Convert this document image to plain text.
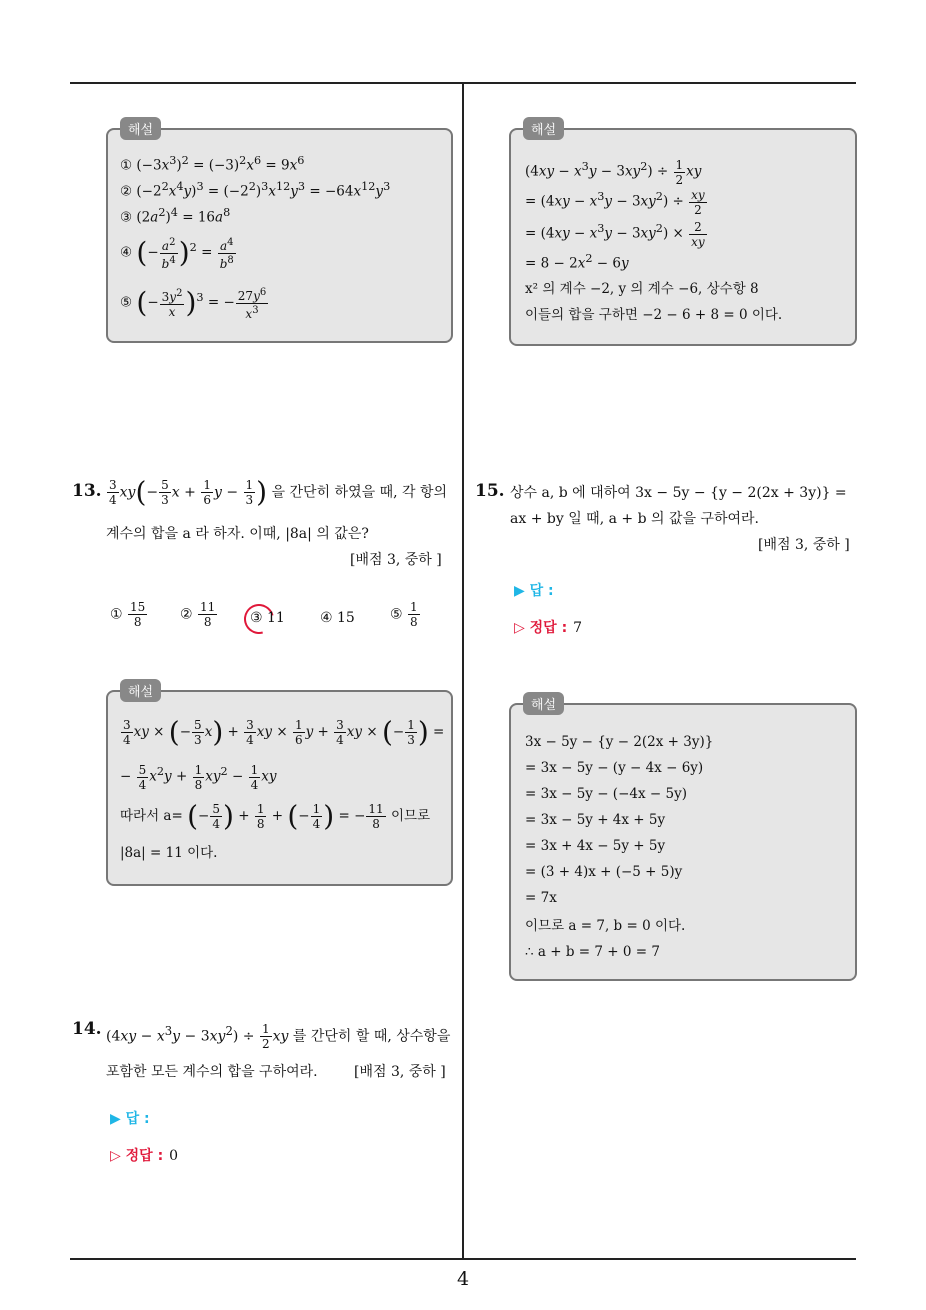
4
해설
① $(-3x^3)^2 = (-3)^2x^6 = 9x^6$
② $(-2^2x^4y)^3 = (-2^2)^3x^{12}y^3 = -64x^{12}y^3$
③ $(2a^2)^4 = 16a^8$
④ (− $\frac{a^2}{b^4} )^2 = \frac{a^4}{b^8}$
⑤ (− $\frac{3y^2}{x} )^3$ = − $\frac{27y^6}{x^3}$
해설
$(4xy - x^3y - 3xy^2) \div \frac{1}{2}$ xy
= $(4xy - x^3y - 3xy^2) \div \frac{xy}{2}$
= $(4xy - x^3y - 3xy^2) \times \frac{2}{xy}$
= $8 - 2x^2 - 6y$
x² 의 계수 −2, y 의 계수 −6, 상수항 8
이들의 합을 구하면 −2 − 6 + 8 = 0 이다.
13. $\frac{3}{4} xy(- \frac{5}{3}$ $x + \frac{1}{6}$ $y - \frac{1}{3}$ ) 을 간단히 하였을 때, 각 항의
계수의 합을 a 라 하자. 이때, |8a| 의 값은?
[배점 3, 중하 ]
① $\frac{15}{8}$ ② $\frac{11}{8}$ ③ 11	④ 15	⑤ $\frac{1}{8}$
해설
$\frac{3}{4}$ xy × (− $\frac{5}{3} x) + \frac{3}{4}$ xy × $\frac{1}{6}$ $y + \frac{3}{4}$ xy × (− $\frac{1}{3}$ ) =
− $\frac{5}{4} x^2y + \frac{1}{8} xy^2 - \frac{1}{4}$ xy
따라서 a= (− $\frac{5}{4}$ ) + $\frac{1}{8}$ + (− $\frac{1}{4}$ ) = − $\frac{11}{8}$ 이므로
|8a| = 11 이다.
14. $(4xy - x^3y - 3xy^2) \div \frac{1}{2}$ xy 를 간단히 할 때, 상수항을
포함한 모든 계수의 합을 구하여라.	[배점 3, 중하 ]
▶ 답 :
▷ 정답 : 0
15. 상수 a, b 에 대하여 3x − 5y − {y − 2(2x + 3y)} =
ax + by 일 때, a + b 의 값을 구하여라.
[배점 3, 중하 ]
▶ 답 :
▷ 정답 : 7
해설
3x − 5y − {y − 2(2x + 3y)}
= 3x − 5y − (y − 4x − 6y)
= 3x − 5y − (−4x − 5y)
= 3x − 5y + 4x + 5y
= 3x + 4x − 5y + 5y
= (3 + 4)x + (−5 + 5)y
= 7x
이므로 a = 7, b = 0 이다.
∴ a + b = 7 + 0 = 7
